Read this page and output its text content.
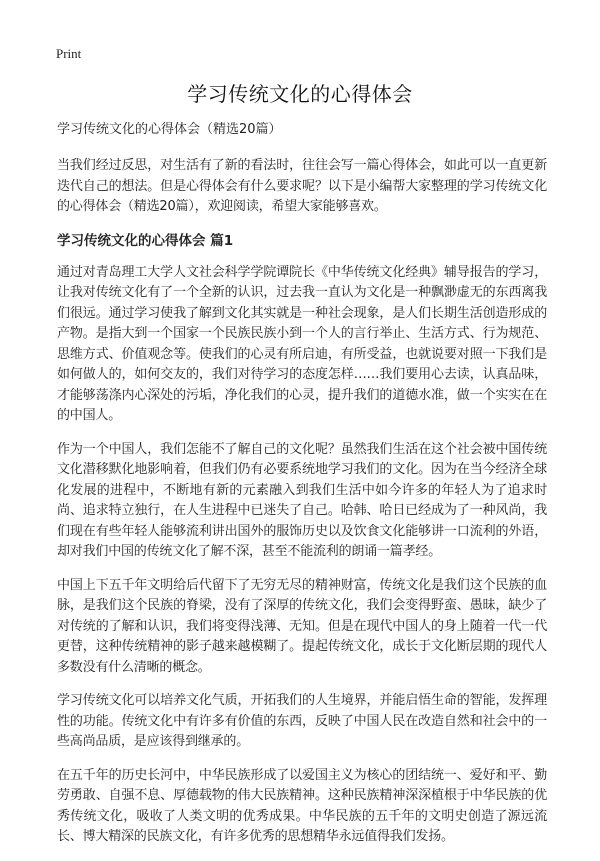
Print
学习传统文化的心得体会
学习传统文化的心得体会（精选20篇）

当我们经过反思，对生活有了新的看法时，往往会写一篇心得体会，如此可以一直更新迭代自己的想法。但是心得体会有什么要求呢？以下是小编帮大家整理的学习传统文化的心得体会（精选20篇），欢迎阅读，希望大家能够喜欢。

学习传统文化的心得体会 篇1

通过对青岛理工大学人文社会科学学院谭院长《中华传统文化经典》辅导报告的学习，让我对传统文化有了一个全新的认识，过去我一直认为文化是一种飘渺虚无的东西离我们很远。通过学习使我了解到文化其实就是一种社会现象，是人们长期生活创造形成的产物。是指大到一个国家一个民族民族小到一个人的言行举止、生活方式、行为规范、思维方式、价值观念等。使我们的心灵有所启迪，有所受益，也就说要对照一下我们是如何做人的，如何交友的，我们对待学习的态度怎样……我们要用心去读，认真品味，才能够荡涤内心深处的污垢，净化我们的心灵，提升我们的道德水准，做一个实实在在的中国人。

作为一个中国人，我们怎能不了解自己的文化呢？虽然我们生活在这个社会被中国传统文化潜移默化地影响着，但我们仍有必要系统地学习我们的文化。因为在当今经济全球化发展的进程中，不断地有新的元素融入到我们生活中如今许多的年轻人为了追求时尚、追求特立独行，在人生进程中已迷失了自己。哈韩、哈日已经成为了一种风尚，我们现在有些年轻人能够流利讲出国外的服饰历史以及饮食文化能够讲一口流利的外语，却对我们中国的传统文化了解不深，甚至不能流利的朗诵一篇孝经。

中国上下五千年文明给后代留下了无穷无尽的精神财富，传统文化是我们这个民族的血脉，是我们这个民族的脊梁，没有了深厚的传统文化，我们会变得野蛮、愚昧，缺少了对传统的了解和认识，我们将变得浅薄、无知。但是在现代中国人的身上随着一代一代更替，这种传统精神的影子越来越模糊了。提起传统文化，成长于文化断层期的现代人多数没有什么清晰的概念。

学习传统文化可以培养文化气质，开拓我们的人生境界，并能启悟生命的智能，发挥理性的功能。传统文化中有许多有价值的东西，反映了中国人民在改造自然和社会中的一些高尚品质，是应该得到继承的。

在五千年的历史长河中，中华民族形成了以爱国主义为核心的团结统一、爱好和平、勤劳勇敢、自强不息、厚德载物的伟大民族精神。这种民族精神深深植根于中华民族的优秀传统文化，吸收了人类文明的优秀成果。中华民族的五千年的文明史创造了源远流长、博大精深的民族文化，有许多优秀的思想精华永远值得我们发扬。
